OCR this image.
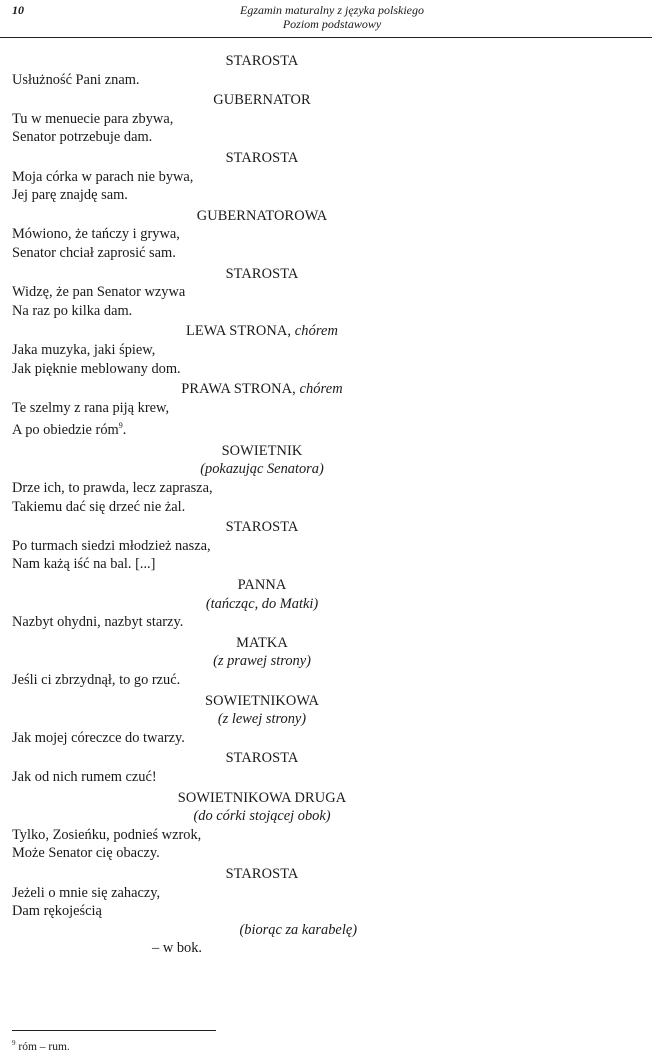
10	Egzamin maturalny z języka polskiego
Poziom podstawowy
STAROSTA
Usłużność Pani znam.
GUBERNATOR
Tu w menuecie para zbywa,
Senator potrzebuje dam.
STAROSTA
Moja córka w parach nie bywa,
Jej parę znajdę sam.
GUBERNATOROWA
Mówiono, że tańczy i grywa,
Senator chciał zaprosić sam.
STAROSTA
Widzę, że pan Senator wzywa
Na raz po kilka dam.
LEWA STRONA, chórem
Jaka muzyka, jaki śpiew,
Jak pięknie meblowany dom.
PRAWA STRONA, chórem
Te szelmy z rana piją krew,
A po obiedzie róm$^9$.
SOWIETNIK
(pokazując Senatora)
Drze ich, to prawda, lecz zaprasza,
Takiemu dać się drzeć nie żal.
STAROSTA
Po turmach siedzi młodzież nasza,
Nam każą iść na bal. [...]
PANNA
(tańcząc, do Matki)
Nazbyt ohydni, nazbyt starzy.
MATKA
(z prawej strony)
Jeśli ci zbrzydnął, to go rzuć.
SOWIETNIKOWA
(z lewej strony)
Jak mojej córeczce do twarzy.
STAROSTA
Jak od nich rumem czuć!
SOWIETNIKOWA DRUGA
(do córki stojącej obok)
Tylko, Zosieńku, podnieś wzrok,
Może Senator cię obaczy.
STAROSTA
Jeżeli o mnie się zahaczy,
Dam rękojeścią
(biorąc za karabelę)
– w bok.
$^9$ róm – rum.
